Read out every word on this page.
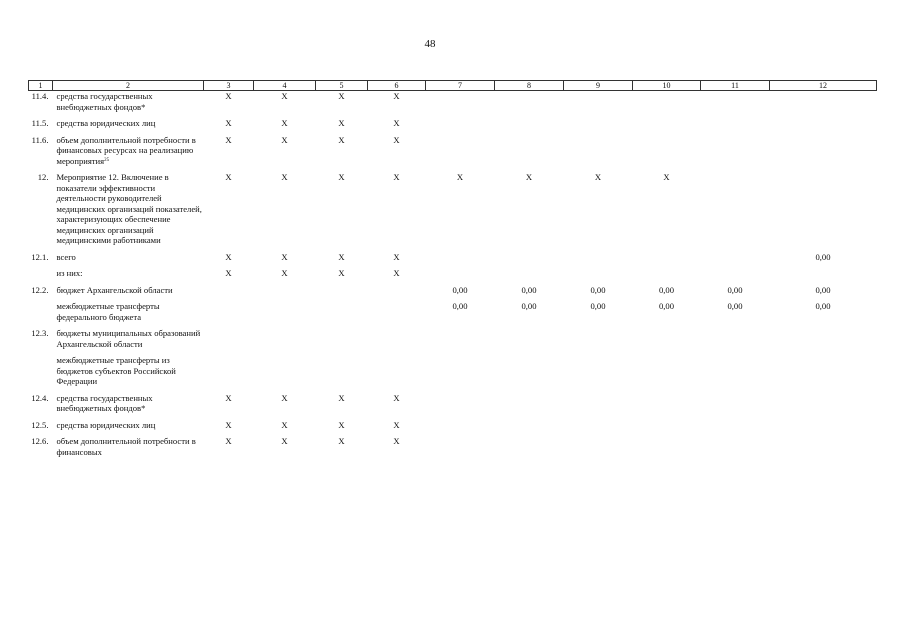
48
1	2	3	4	5	6	7	8	9	10	11	12
11.4.	средства государственных внебюджетных фондов*	X	X	X	X						
11.5.	средства юридических лиц	X	X	X	X						
11.6.	объем дополнительной потребности в финансовых ресурсах на реализацию мероприятия$^{25}$	X	X	X	X						
12.	Мероприятие 12. Включение в показатели эффективности деятельности руководителей медицинских организаций показателей, характеризующих обеспечение медицинских организаций медицинскими работниками	X	X	X	X	X	X	X	X		
12.1.	всего	X	X	X	X						0,00
	из них:	X	X	X	X						
12.2.	бюджет Архангельской области					0,00	0,00	0,00	0,00	0,00	0,00
	межбюджетные трансферты федерального бюджета					0,00	0,00	0,00	0,00	0,00	0,00
12.3.	бюджеты муниципальных образований Архангельской области										
	межбюджетные трансферты из бюджетов субъектов Российской Федерации										
12.4.	средства государственных внебюджетных фондов*	X	X	X	X						
12.5.	средства юридических лиц	X	X	X	X						
12.6.	объем дополнительной потребности в финансовых	X	X	X	X						
